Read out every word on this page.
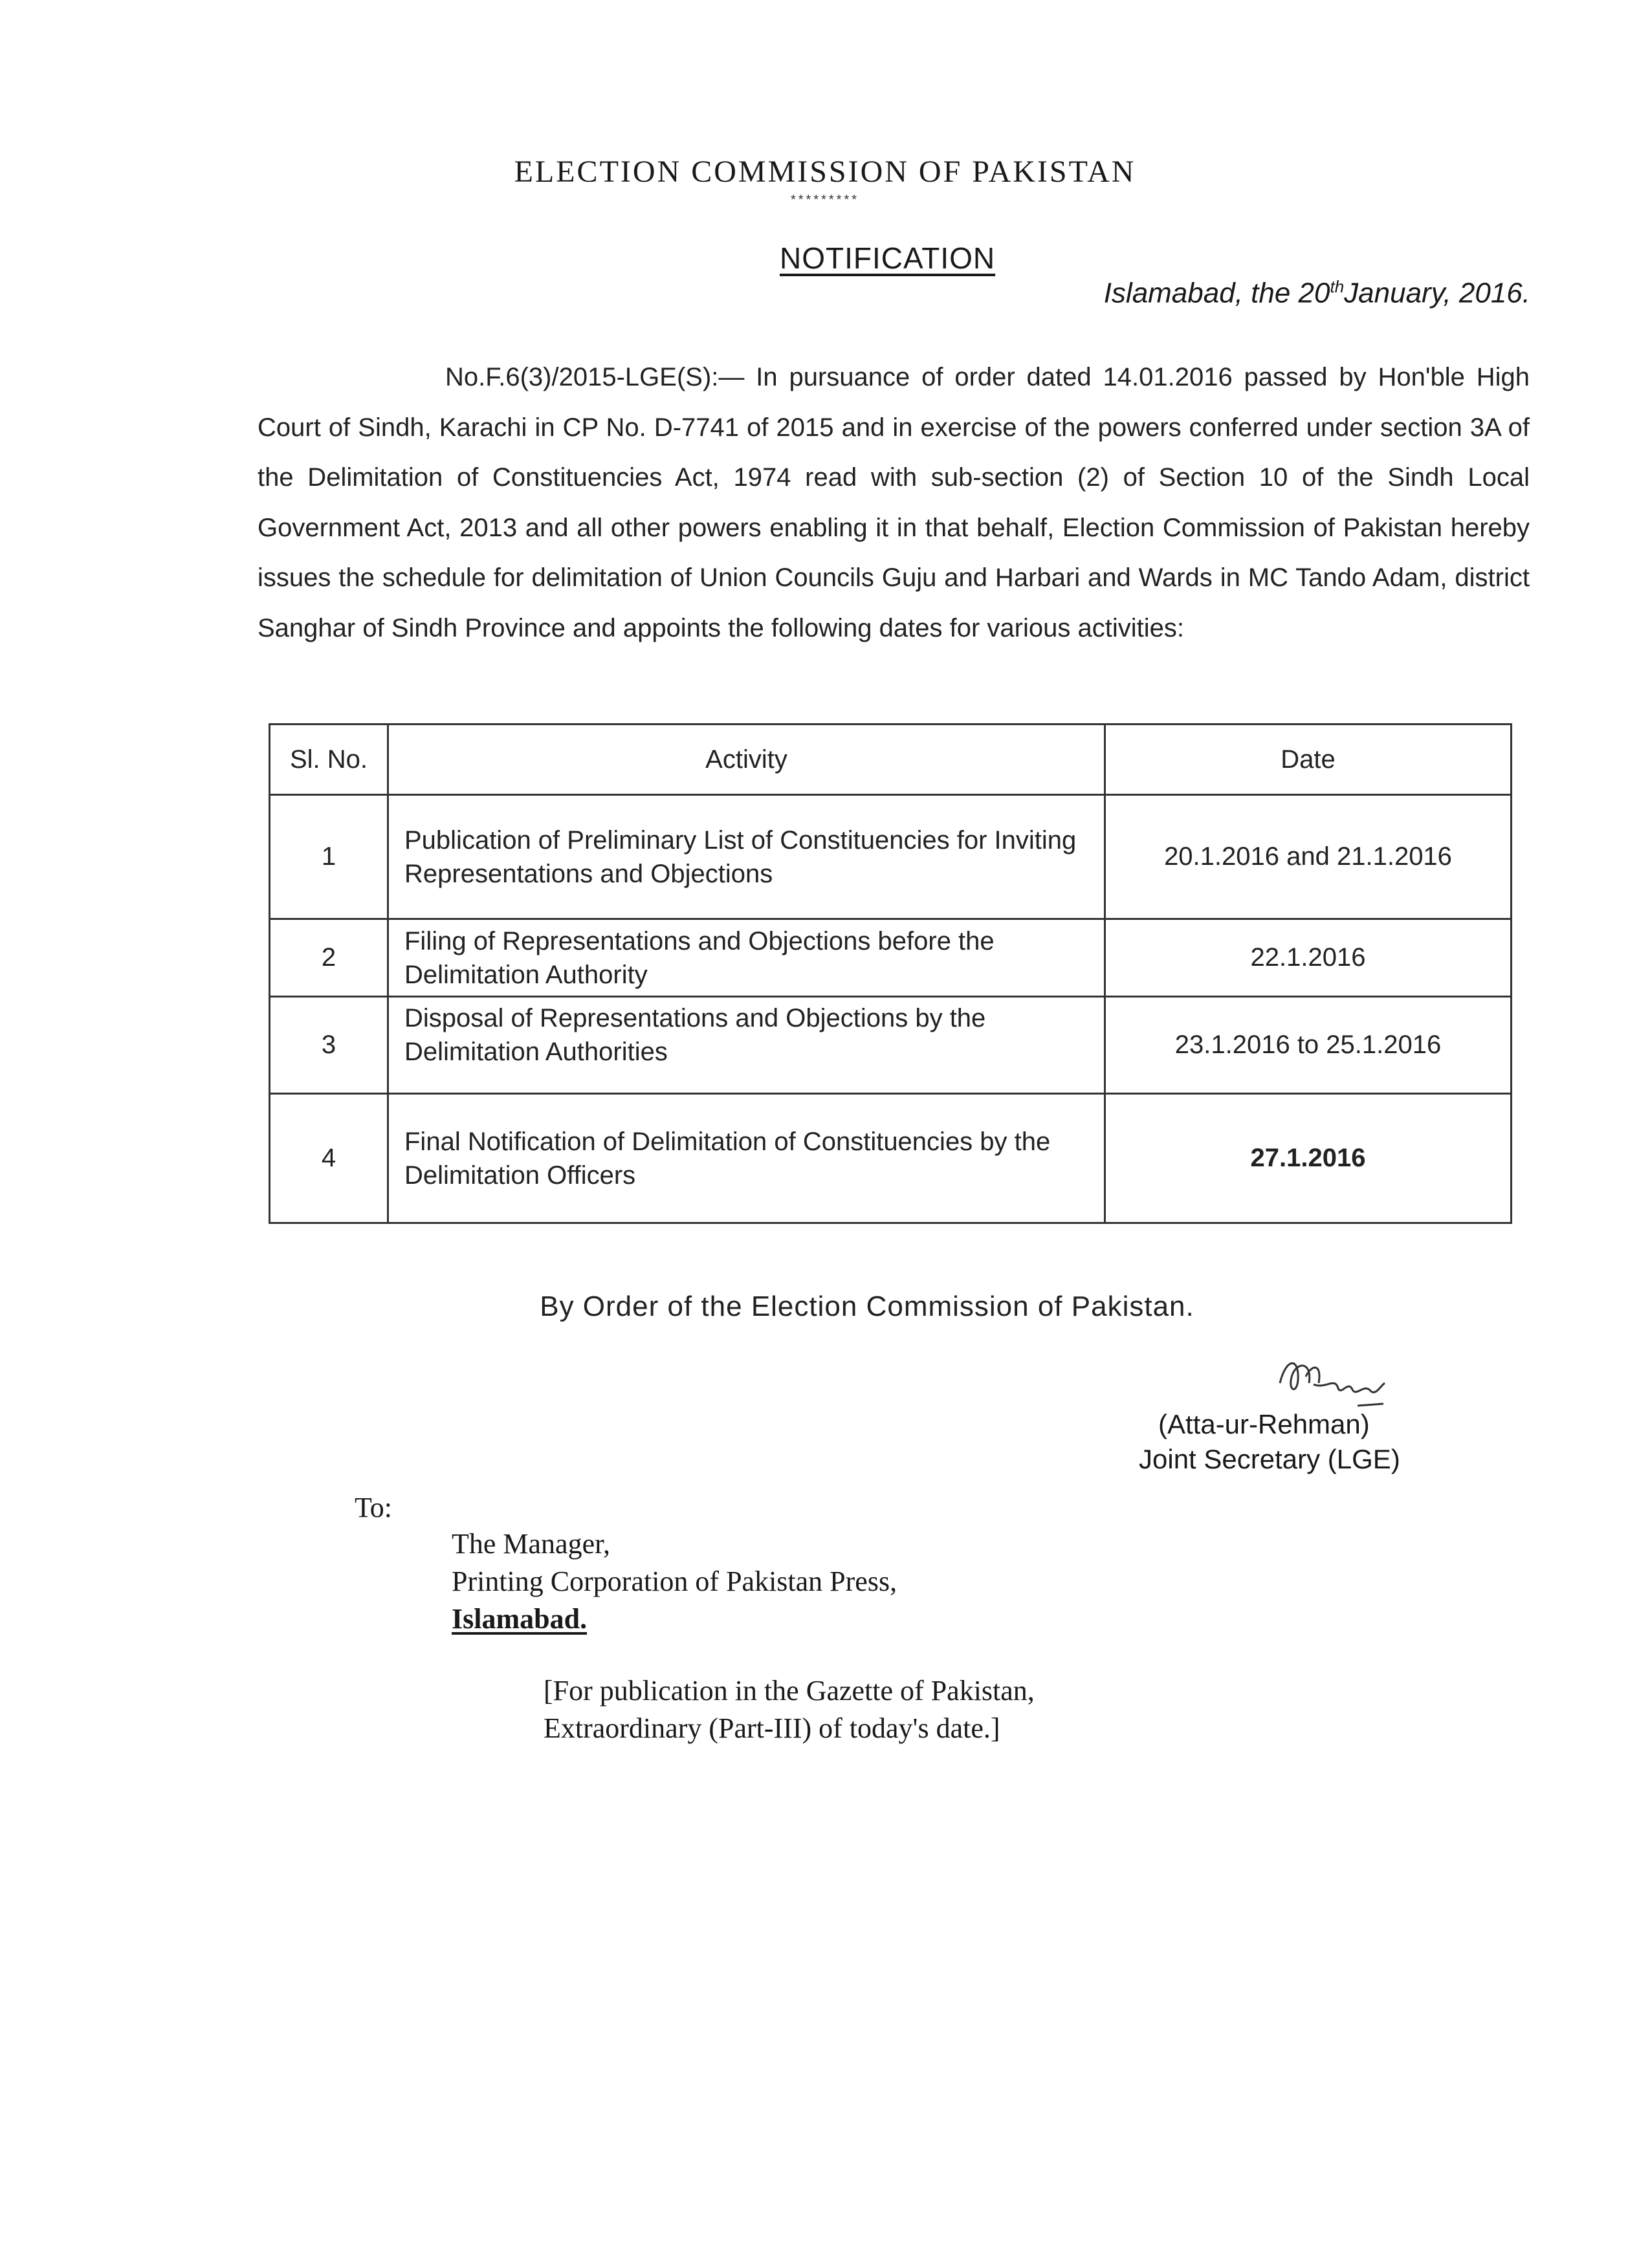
ELECTION COMMISSION OF PAKISTAN
*********
NOTIFICATION
Islamabad, the 20thJanuary, 2016.
No.F.6(3)/2015-LGE(S):— In pursuance of order dated 14.01.2016 passed by Hon'ble High Court of Sindh, Karachi in CP No. D-7741 of 2015 and in exercise of the powers conferred under section 3A of the Delimitation of Constituencies Act, 1974 read with sub-section (2) of Section 10 of the Sindh Local Government Act, 2013 and all other powers enabling it in that behalf, Election Commission of Pakistan hereby issues the schedule for delimitation of Union Councils Guju and Harbari and Wards in MC Tando Adam, district Sanghar of Sindh Province and appoints the following dates for various activities:
Sl. No.	Activity	Date
1	Publication of Preliminary List of Constituencies for Inviting Representations and Objections	20.1.2016 and 21.1.2016
2	Filing of Representations and Objections before the Delimitation Authority	22.1.2016
3	Disposal of Representations and Objections by the Delimitation Authorities	23.1.2016 to 25.1.2016
4	Final Notification of Delimitation of Constituencies by the Delimitation Officers	27.1.2016
By Order of the Election Commission of Pakistan.
(Atta-ur-Rehman)
Joint Secretary (LGE)
To:
The Manager,
Printing Corporation of Pakistan Press,
Islamabad.
[For publication in the Gazette of Pakistan,
Extraordinary (Part-III) of today's date.]
